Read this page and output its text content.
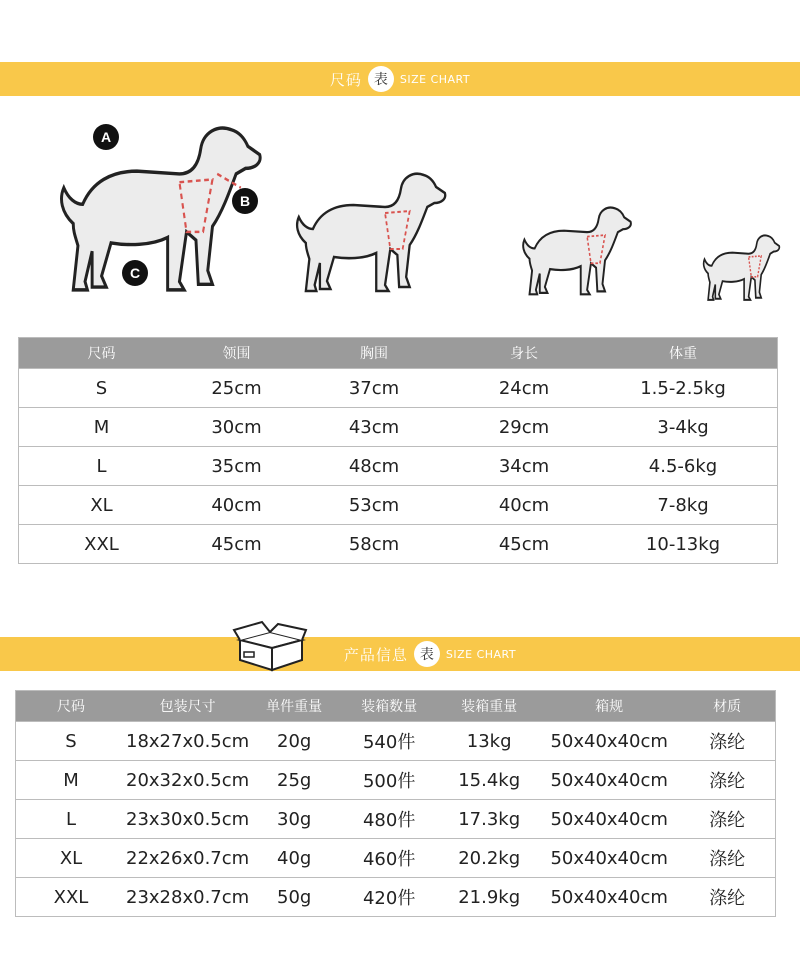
尺码 表	SIZE CHART
A
B
C
尺码	领围	胸围	身长	体重
S	25cm	37cm	24cm	1.5-2.5kg
M	30cm	43cm	29cm	3-4kg
L	35cm	48cm	34cm	4.5-6kg
XL	40cm	53cm	40cm	7-8kg
XXL	45cm	58cm	45cm	10-13kg
产品信息 表	SIZE CHART
尺码	包装尺寸	单件重量	装箱数量	装箱重量	箱规	材质
S	18x27x0.5cm	20g	540件	13kg	50x40x40cm	涤纶
M	20x32x0.5cm	25g	500件	15.4kg	50x40x40cm	涤纶
L	23x30x0.5cm	30g	480件	17.3kg	50x40x40cm	涤纶
XL	22x26x0.7cm	40g	460件	20.2kg	50x40x40cm	涤纶
XXL	23x28x0.7cm	50g	420件	21.9kg	50x40x40cm	涤纶
